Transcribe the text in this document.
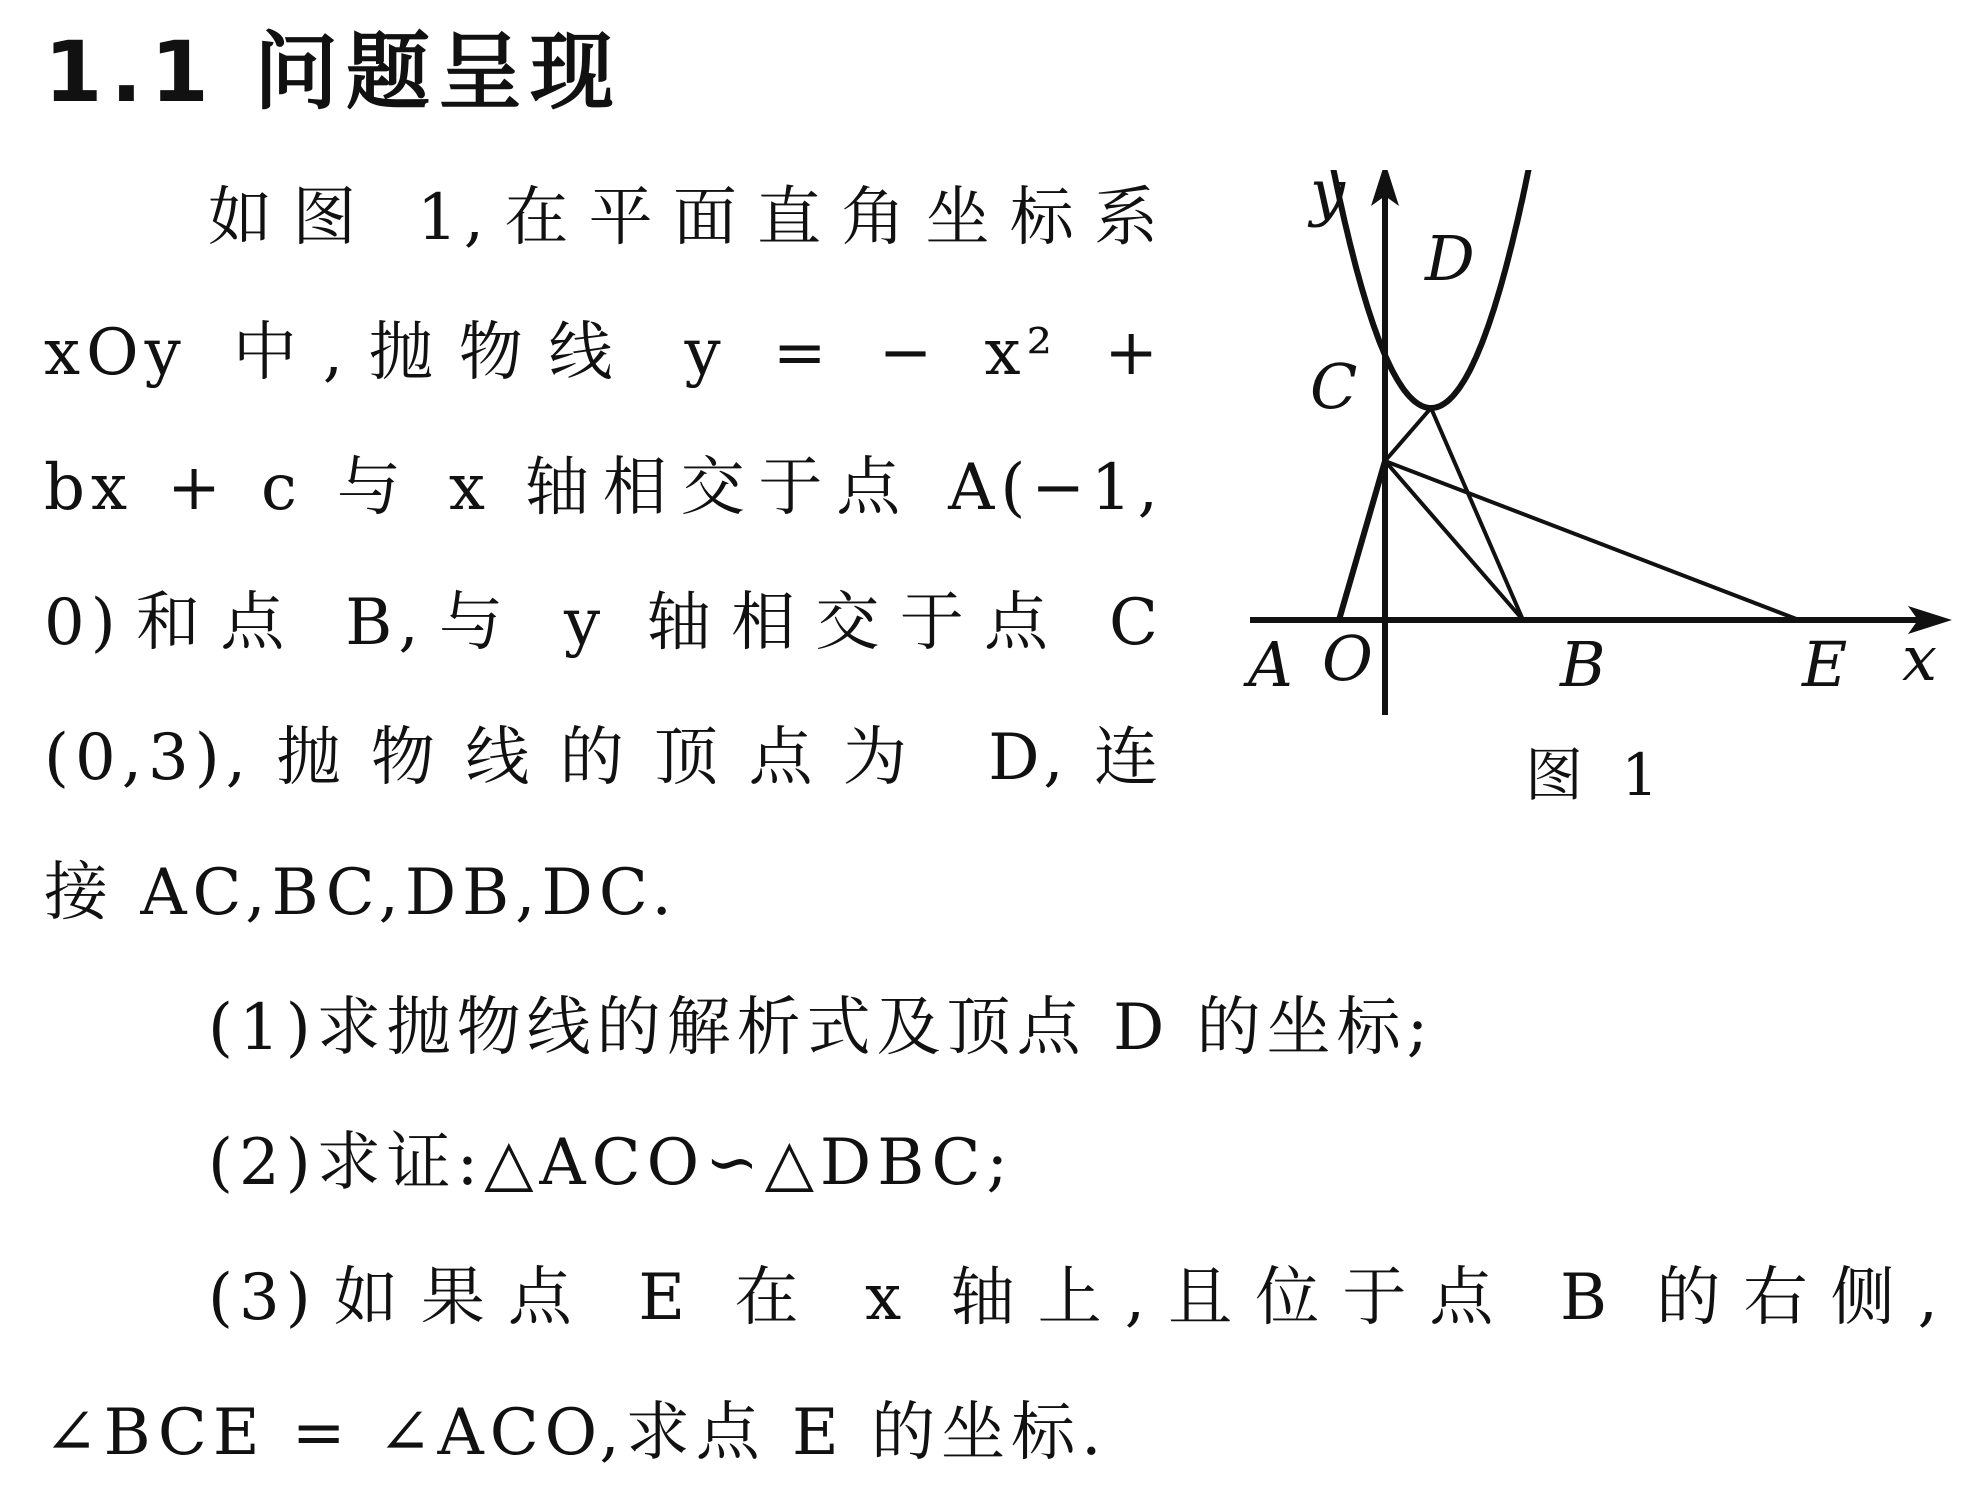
1.1 问题呈现
如图 1,在平面直角坐标系
xOy 中,抛物线 y = − x² +
bx + c 与 x 轴相交于点 A(−1,
0)和点 B,与 y 轴相交于点 C
(0,3),抛物线的顶点为 D,连
接 AC,BC,DB,DC.
(1)求抛物线的解析式及顶点 D 的坐标;
(2)求证:△ACO∽△DBC;
(3)如果点 E 在 x 轴上,且位于点 B 的右侧,
∠BCE = ∠ACO,求点 E 的坐标.
y
D
C
A O	B	E x
图 1
